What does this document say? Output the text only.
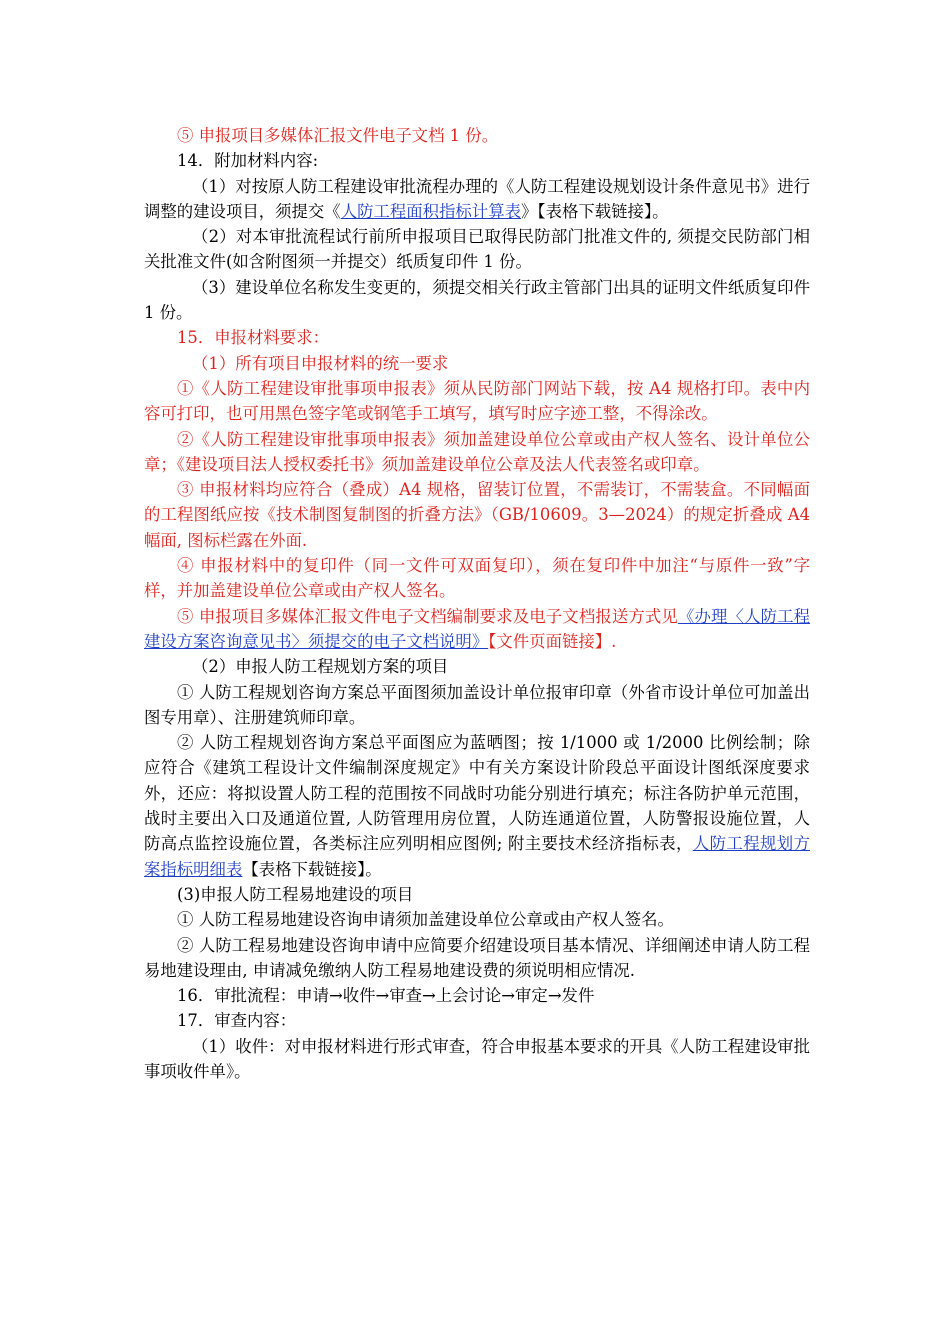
⑤ 申报项目多媒体汇报文件电子文档 1 份。

14．附加材料内容:

（1）对按原人防工程建设审批流程办理的《人防工程建设规划设计条件意见书》进行调整的建设项目，须提交《人防工程面积指标计算表》【表格下载链接】。

（2）对本审批流程试行前所申报项目已取得民防部门批准文件的, 须提交民防部门相关批准文件(如含附图须一并提交）纸质复印件 1 份。

（3）建设单位名称发生变更的，须提交相关行政主管部门出具的证明文件纸质复印件 1 份。

15．申报材料要求：

（1）所有项目申报材料的统一要求

①《人防工程建设审批事项申报表》须从民防部门网站下载，按 A4 规格打印。表中内容可打印，也可用黑色签字笔或钢笔手工填写，填写时应字迹工整，不得涂改。

②《人防工程建设审批事项申报表》须加盖建设单位公章或由产权人签名、设计单位公章；《建设项目法人授权委托书》须加盖建设单位公章及法人代表签名或印章。

③ 申报材料均应符合（叠成）A4 规格，留装订位置，不需装订，不需装盒。不同幅面的工程图纸应按《技术制图复制图的折叠方法》（GB/10609。3—2024）的规定折叠成 A4 幅面, 图标栏露在外面.

④ 申报材料中的复印件（同一文件可双面复印），须在复印件中加注“与原件一致”字样，并加盖建设单位公章或由产权人签名。

⑤ 申报项目多媒体汇报文件电子文档编制要求及电子文档报送方式见《办理〈人防工程建设方案咨询意见书〉须提交的电子文档说明》【文件页面链接】.

（2）申报人防工程规划方案的项目

① 人防工程规划咨询方案总平面图须加盖设计单位报审印章（外省市设计单位可加盖出图专用章）、注册建筑师印章。

② 人防工程规划咨询方案总平面图应为蓝晒图；按 1/1000 或 1/2000 比例绘制；除应符合《建筑工程设计文件编制深度规定》中有关方案设计阶段总平面设计图纸深度要求外，还应：将拟设置人防工程的范围按不同战时功能分别进行填充；标注各防护单元范围，战时主要出入口及通道位置, 人防管理用房位置，人防连通道位置，人防警报设施位置，人防高点监控设施位置，各类标注应列明相应图例; 附主要技术经济指标表，人防工程规划方案指标明细表【表格下载链接】。

(3)申报人防工程易地建设的项目

① 人防工程易地建设咨询申请须加盖建设单位公章或由产权人签名。

② 人防工程易地建设咨询申请中应简要介绍建设项目基本情况、详细阐述申请人防工程易地建设理由, 申请减免缴纳人防工程易地建设费的须说明相应情况.

16．审批流程：申请→收件→审查→上会讨论→审定→发件

17．审查内容：

（1）收件：对申报材料进行形式审查，符合申报基本要求的开具《人防工程建设审批事项收件单》。
